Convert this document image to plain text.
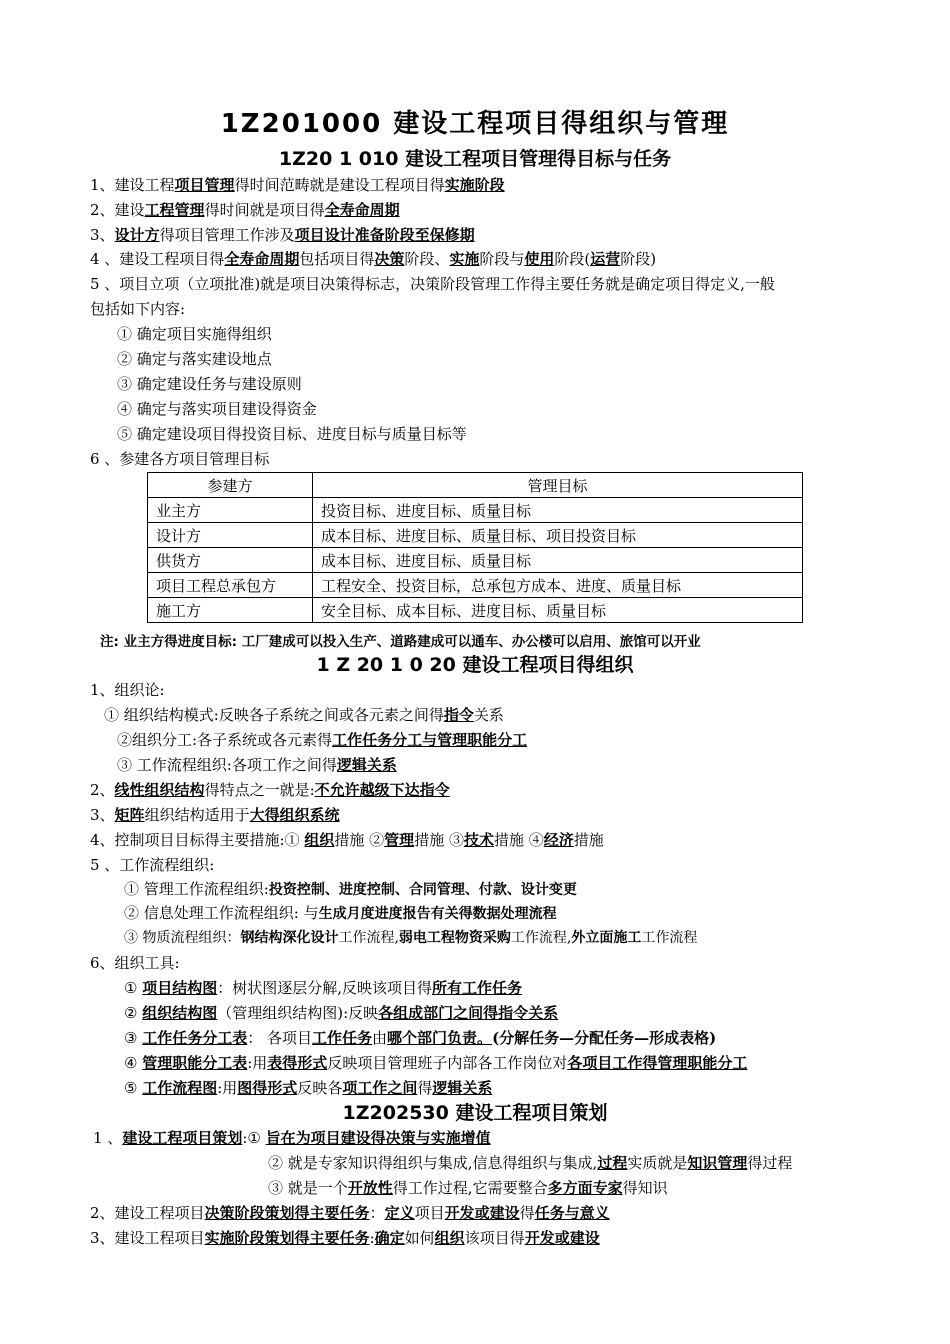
1Z201000 建设工程项目得组织与管理
1Z20 1 010 建设工程项目管理得目标与任务
1、建设工程项目管理得时间范畴就是建设工程项目得实施阶段
2、建设工程管理得时间就是项目得全寿命周期
3、设计方得项目管理工作涉及项目设计准备阶段至保修期
4 、建设工程项目得全寿命周期包括项目得决策阶段、实施阶段与使用阶段(运营阶段)
5 、项目立项（立项批准)就是项目决策得标志，决策阶段管理工作得主要任务就是确定项目得定义,一般
包括如下内容:
① 确定项目实施得组织
② 确定与落实建设地点
③ 确定建设任务与建设原则
④ 确定与落实项目建设得资金
⑤ 确定建设项目得投资目标、进度目标与质量目标等
6 、参建各方项目管理目标
参建方	管理目标
业主方	投资目标、进度目标、质量目标
设计方	成本目标、进度目标、质量目标、项目投资目标
供货方	成本目标、进度目标、质量目标
项目工程总承包方	工程安全、投资目标，总承包方成本、进度、质量目标
施工方	安全目标、成本目标、进度目标、质量目标
注: 业主方得进度目标: 工厂建成可以投入生产、道路建成可以通车、办公楼可以启用、旅馆可以开业
1 Z 20 1 0 20 建设工程项目得组织
1、组织论:
① 组织结构模式:反映各子系统之间或各元素之间得指令关系
②组织分工:各子系统或各元素得工作任务分工与管理职能分工
③ 工作流程组织:各项工作之间得逻辑关系
2、线性组织结构得特点之一就是:不允许越级下达指令
3、矩阵组织结构适用于大得组织系统
4、控制项目目标得主要措施:① 组织措施 ②管理措施 ③技术措施 ④经济措施
5 、工作流程组织:
① 管理工作流程组织:投资控制、进度控制、合同管理、付款、设计变更
② 信息处理工作流程组织: 与生成月度进度报告有关得数据处理流程
③ 物质流程组织：钢结构深化设计工作流程,弱电工程物资采购工作流程,外立面施工工作流程
6、组织工具:
① 项目结构图：树状图逐层分解,反映该项目得所有工作任务
② 组织结构图（管理组织结构图):反映各组成部门之间得指令关系
③ 工作任务分工表： 各项目工作任务由哪个部门负责。(分解任务—分配任务—形成表格)
④ 管理职能分工表:用表得形式反映项目管理班子内部各工作岗位对各项目工作得管理职能分工
⑤ 工作流程图:用图得形式反映各项工作之间得逻辑关系
1Z202530 建设工程项目策划
1 、建设工程项目策划:① 旨在为项目建设得决策与实施增值
② 就是专家知识得组织与集成,信息得组织与集成,过程实质就是知识管理得过程
③ 就是一个开放性得工作过程,它需要整合多方面专家得知识
2、建设工程项目决策阶段策划得主要任务：定义项目开发或建设得任务与意义
3、建设工程项目实施阶段策划得主要任务:确定如何组织该项目得开发或建设
